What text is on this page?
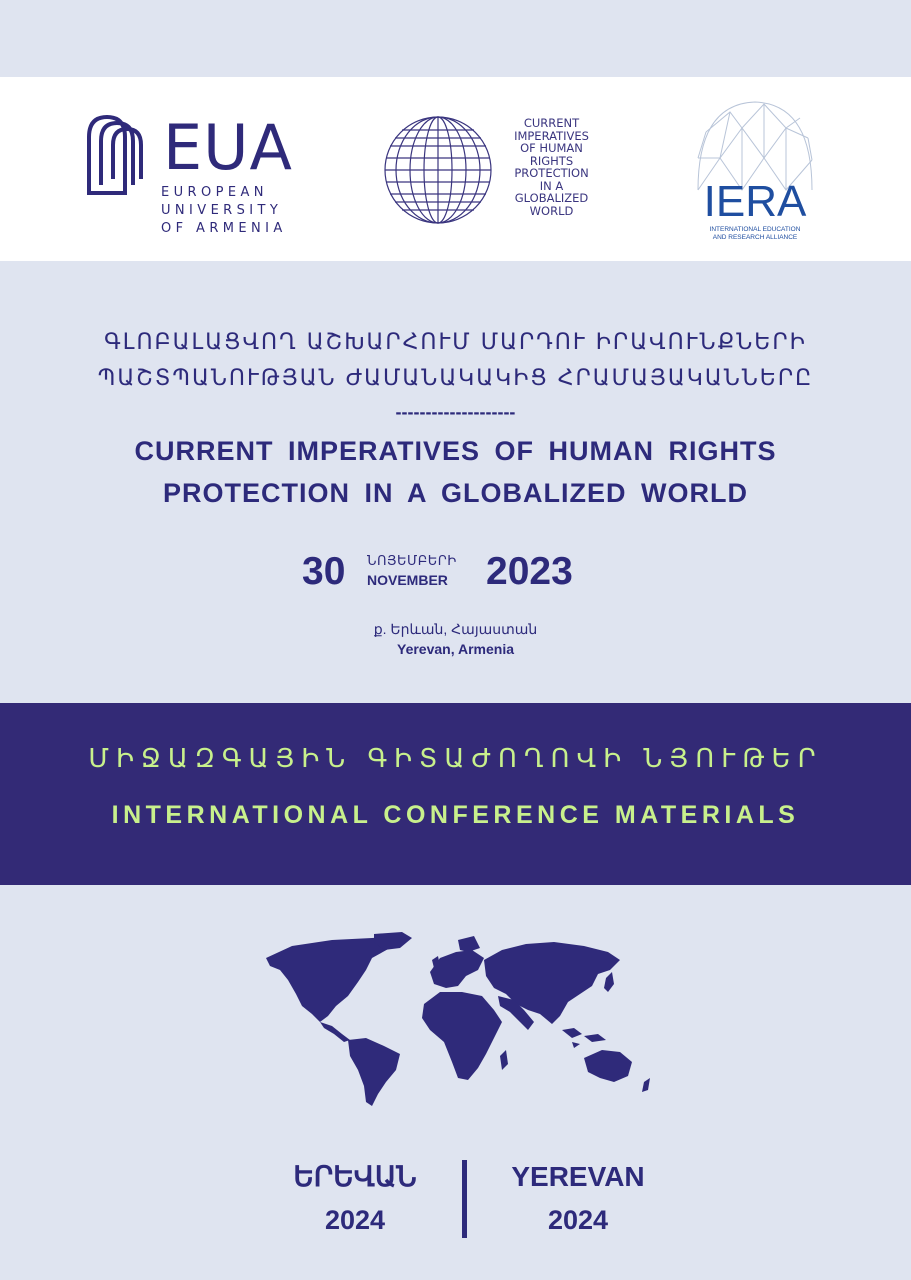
EUA
EUROPEAN
UNIVERSITY
OF ARMENIA
CURRENT
IMPERATIVES
OF HUMAN
RIGHTS
PROTECTION
IN A
GLOBALIZED
WORLD	IERA
INTERNATIONAL EDUCATION
AND RESEARCH ALLIANCE
ԳԼՈԲԱԼԱՑՎՈՂ ԱՇԽԱՐՀՈՒՄ ՄԱՐԴՈՒ ԻՐԱՎՈՒՆՔՆԵՐԻ
ՊԱՇՏՊԱՆՈՒԹՅԱՆ ԺԱՄԱՆԱԿԱԿԻՑ ՀՐԱՄԱՅԱԿԱՆՆԵՐԸ
--------------------
CURRENT IMPERATIVES OF HUMAN RIGHTS
PROTECTION IN A GLOBALIZED WORLD
30 ՆՈՅԵՄԲԵՐԻ
NOVEMBER 2023
ք. Երևան, Հայաստան
Yerevan, Armenia
ՄԻՋԱԶԳԱՅԻՆ ԳԻՏԱԺՈՂՈՎԻ ՆՅՈՒԹԵՐ
INTERNATIONAL CONFERENCE MATERIALS
ԵՐԵՎԱՆ
2024
YEREVAN
2024
